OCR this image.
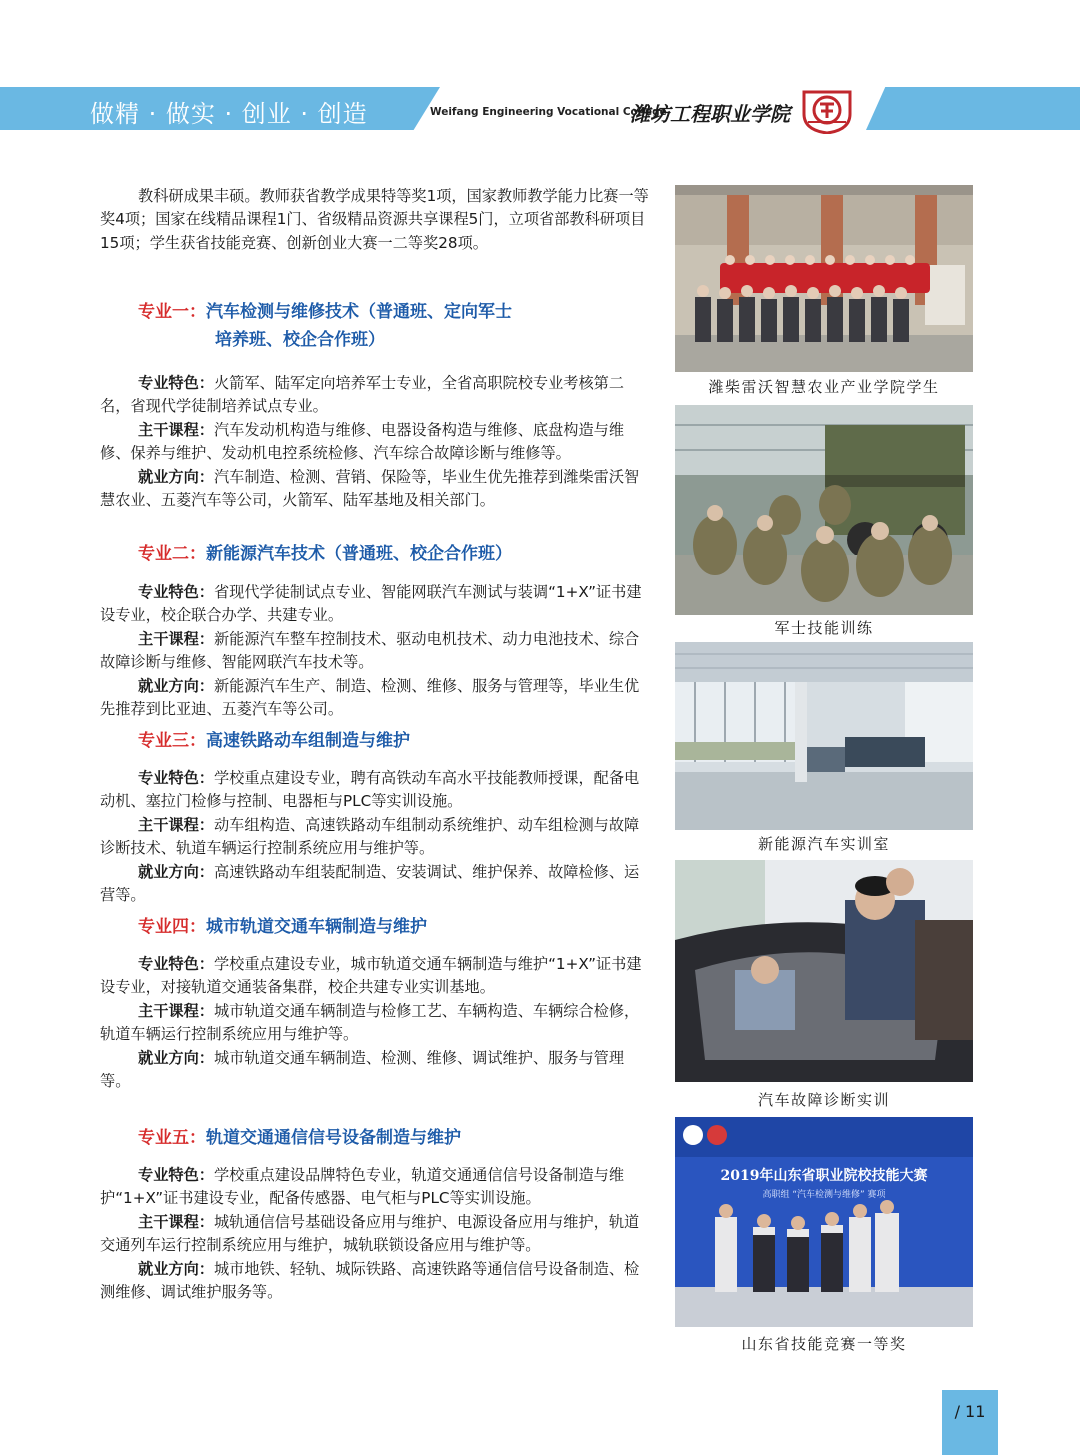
做精 · 做实 · 创业 · 创造	Weifang Engineering Vocational College
潍坊工程职业学院

教科研成果丰硕。教师获省教学成果特等奖1项，国家教师教学能力比赛一等奖4项；国家在线精品课程1门、省级精品资源共享课程5门，立项省部教科研项目15项；学生获省技能竞赛、创新创业大赛一二等奖28项。

专业一：汽车检测与维修技术（普通班、定向军士
培养班、校企合作班）

专业特色：火箭军、陆军定向培养军士专业，全省高职院校专业考核第二名，省现代学徒制培养试点专业。

主干课程：汽车发动机构造与维修、电器设备构造与维修、底盘构造与维修、保养与维护、发动机电控系统检修、汽车综合故障诊断与维修等。

就业方向：汽车制造、检测、营销、保险等，毕业生优先推荐到潍柴雷沃智慧农业、五菱汽车等公司，火箭军、陆军基地及相关部门。

专业二：新能源汽车技术（普通班、校企合作班）

专业特色：省现代学徒制试点专业、智能网联汽车测试与装调“1+X”证书建设专业，校企联合办学、共建专业。

主干课程：新能源汽车整车控制技术、驱动电机技术、动力电池技术、综合故障诊断与维修、智能网联汽车技术等。

就业方向：新能源汽车生产、制造、检测、维修、服务与管理等，毕业生优先推荐到比亚迪、五菱汽车等公司。

专业三：高速铁路动车组制造与维护

专业特色：学校重点建设专业，聘有高铁动车高水平技能教师授课，配备电动机、塞拉门检修与控制、电器柜与PLC等实训设施。

主干课程：动车组构造、高速铁路动车组制动系统维护、动车组检测与故障诊断技术、轨道车辆运行控制系统应用与维护等。

就业方向：高速铁路动车组装配制造、安装调试、维护保养、故障检修、运营等。

专业四：城市轨道交通车辆制造与维护

专业特色：学校重点建设专业，城市轨道交通车辆制造与维护“1+X”证书建设专业，对接轨道交通装备集群，校企共建专业实训基地。

主干课程：城市轨道交通车辆制造与检修工艺、车辆构造、车辆综合检修，轨道车辆运行控制系统应用与维护等。

就业方向：城市轨道交通车辆制造、检测、维修、调试维护、服务与管理等。

专业五：轨道交通通信信号设备制造与维护

专业特色：学校重点建设品牌特色专业，轨道交通通信信号设备制造与维护“1+X”证书建设专业，配备传感器、电气柜与PLC等实训设施。

主干课程：城轨通信信号基础设备应用与维护、电源设备应用与维护，轨道交通列车运行控制系统应用与维护，城轨联锁设备应用与维护等。

就业方向：城市地铁、轻轨、城际铁路、高速铁路等通信信号设备制造、检测维修、调试维护服务等。

潍柴雷沃智慧农业产业学院学生
军士技能训练
新能源汽车实训室
汽车故障诊断实训
2019年山东省职业院校技能大赛
高职组 “汽车检测与维修” 赛项
山东省技能竞赛一等奖
/ 11
